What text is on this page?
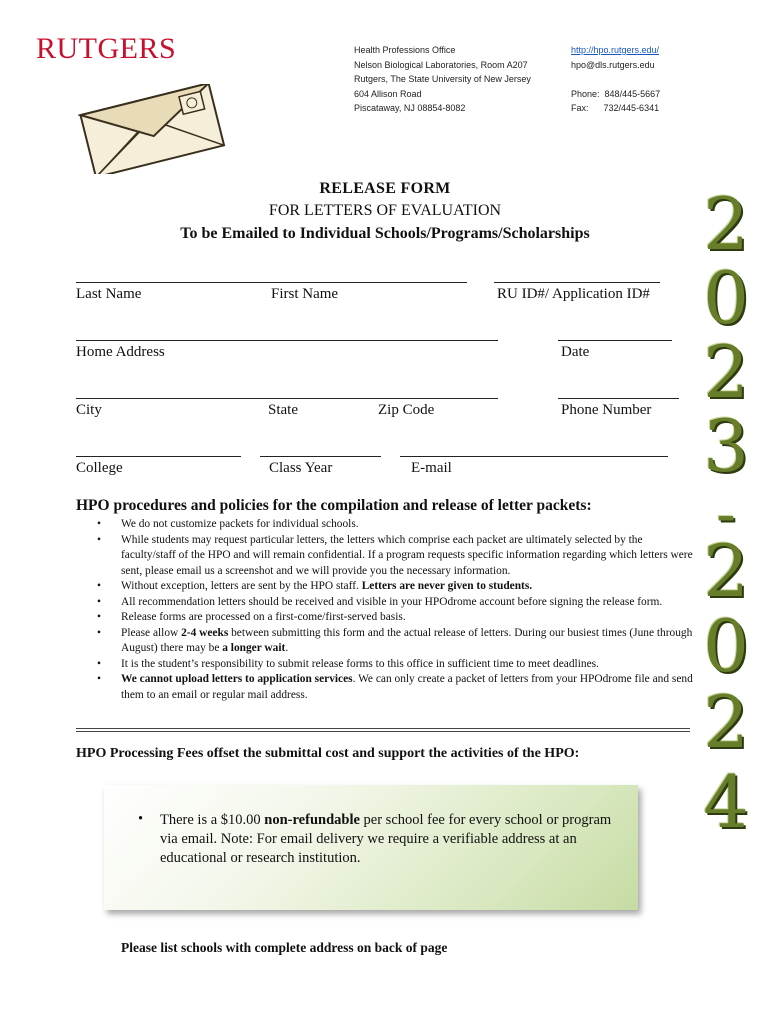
RUTGERS	Health Professions Office
Nelson Biological Laboratories, Room A207
Rutgers, The State University of New Jersey
604 Allison Road
Piscataway, NJ 08854-8082
http://hpo.rutgers.edu/
hpo@dls.rutgers.edu
Phone: 848/445-5667
Fax: 732/445-6341
RELEASE FORM
FOR LETTERS OF EVALUATION
To be Emailed to Individual Schools/Programs/Scholarships	2
0
2
3
-
2
0
2
4
Last Name	First Name	RU ID#/ Application ID#
Home Address	Date
City	State	Zip Code	Phone Number
College	Class Year	E-mail
HPO procedures and policies for the compilation and release of letter packets:
• We do not customize packets for individual schools.
• While students may request particular letters, the letters which comprise each packet are ultimately selected by the faculty/staff of the HPO and will remain confidential. If a program requests specific information regarding which letters were sent, please email us a screenshot and we will provide you the necessary information.
• Without exception, letters are sent by the HPO staff. Letters are never given to students.
• All recommendation letters should be received and visible in your HPOdrome account before signing the release form.
• Release forms are processed on a first-come/first-served basis.
• Please allow 2-4 weeks between submitting this form and the actual release of letters. During our busiest times (June through August) there may be a longer wait.
• It is the student’s responsibility to submit release forms to this office in sufficient time to meet deadlines.
• We cannot upload letters to application services. We can only create a packet of letters from your HPOdrome file and send them to an email or regular mail address.
HPO Processing Fees offset the submittal cost and support the activities of the HPO:
• There is a $10.00 non-refundable per school fee for every school or program via email. Note: For email delivery we require a verifiable address at an educational or research institution.
Please list schools with complete address on back of page
